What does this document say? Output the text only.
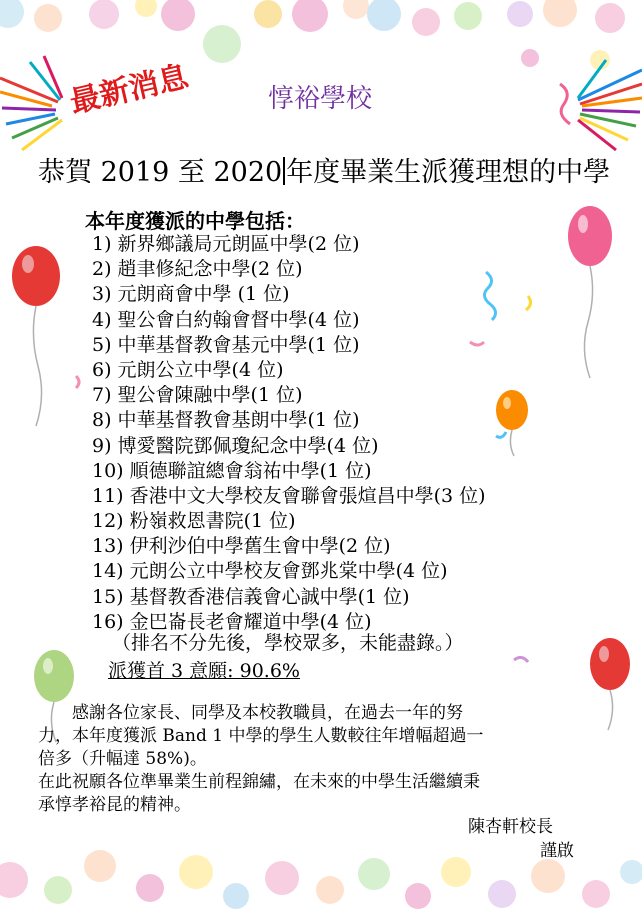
最新消息	惇裕學校
恭賀 2019 至 2020 年度畢業生派獲理想的中學
本年度獲派的中學包括：
1) 新界鄉議局元朗區中學(2 位)
2) 趙聿修紀念中學(2 位)
3) 元朗商會中學 (1 位)
4) 聖公會白約翰會督中學(4 位)
5) 中華基督教會基元中學(1 位)
6) 元朗公立中學(4 位)
7) 聖公會陳融中學(1 位)
8) 中華基督教會基朗中學(1 位)
9) 博愛醫院鄧佩瓊紀念中學(4 位)
10) 順德聯誼總會翁祐中學(1 位)
11) 香港中文大學校友會聯會張煊昌中學(3 位)
12) 粉嶺救恩書院(1 位)
13) 伊利沙伯中學舊生會中學(2 位)
14) 元朗公立中學校友會鄧兆棠中學(4 位)
15) 基督教香港信義會心誠中學(1 位)
16) 金巴崙長老會耀道中學(4 位)
（排名不分先後，學校眾多，未能盡錄。）
派獲首 3 意願: 90.6%

　　感謝各位家長、同學及本校教職員，在過去一年的努

力，本年度獲派 Band 1 中學的學生人數較往年增幅超過一

倍多（升幅達 58%)。

在此祝願各位準畢業生前程錦繡，在未來的中學生活繼續秉

承惇孝裕昆的精神。

陳杏軒校長
謹啟
